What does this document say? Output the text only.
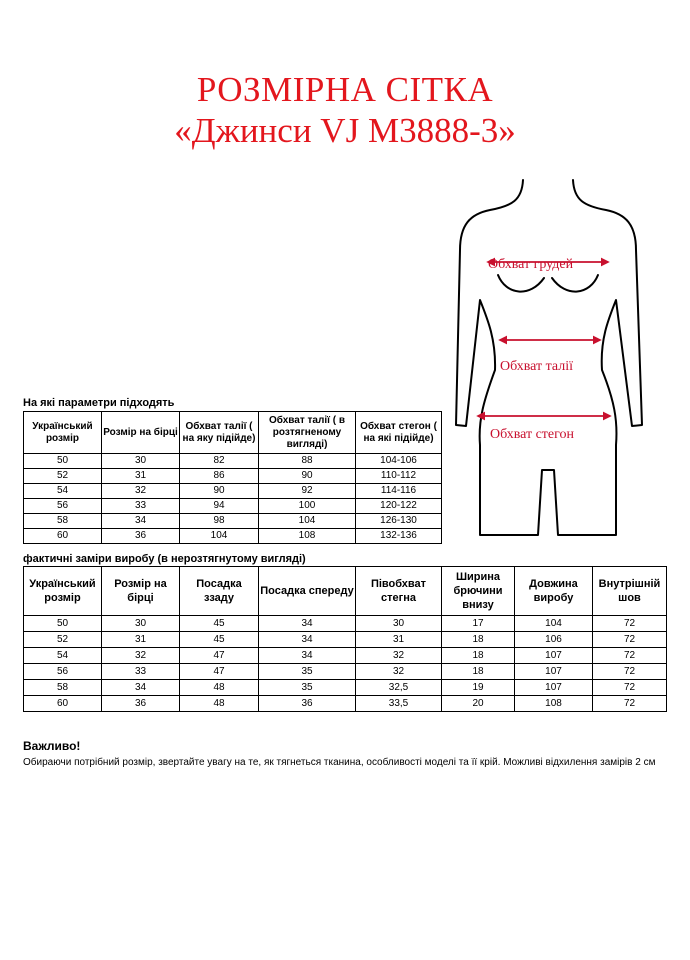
РОЗМІРНА СІТКА
«Джинси VJ M3888-3»
Обхват грудей
Обхват талії
Обхват стегон
На які параметри підходять
Український розмір	Розмір на бірці	Обхват талії ( на яку підійде)	Обхват талії ( в розтягненому вигляді)	Обхват стегон ( на які підійде)
50	30	82	88	104-106
52	31	86	90	110-112
54	32	90	92	114-116
56	33	94	100	120-122
58	34	98	104	126-130
60	36	104	108	132-136
фактичні заміри виробу (в нерозтягнутому вигляді)
Український розмір	Розмір на бірці	Посадка ззаду	Посадка спереду	Півобхват стегна	Ширина брючини внизу	Довжина виробу	Внутрішній шов
50	30	45	34	30	17	104	72
52	31	45	34	31	18	106	72
54	32	47	34	32	18	107	72
56	33	47	35	32	18	107	72
58	34	48	35	32,5	19	107	72
60	36	48	36	33,5	20	108	72
Важливо!
Обираючи потрібний розмір, звертайте увагу на те, як тягнеться тканина, особливості моделі та її крій. Можливі відхилення замірів 2 см
